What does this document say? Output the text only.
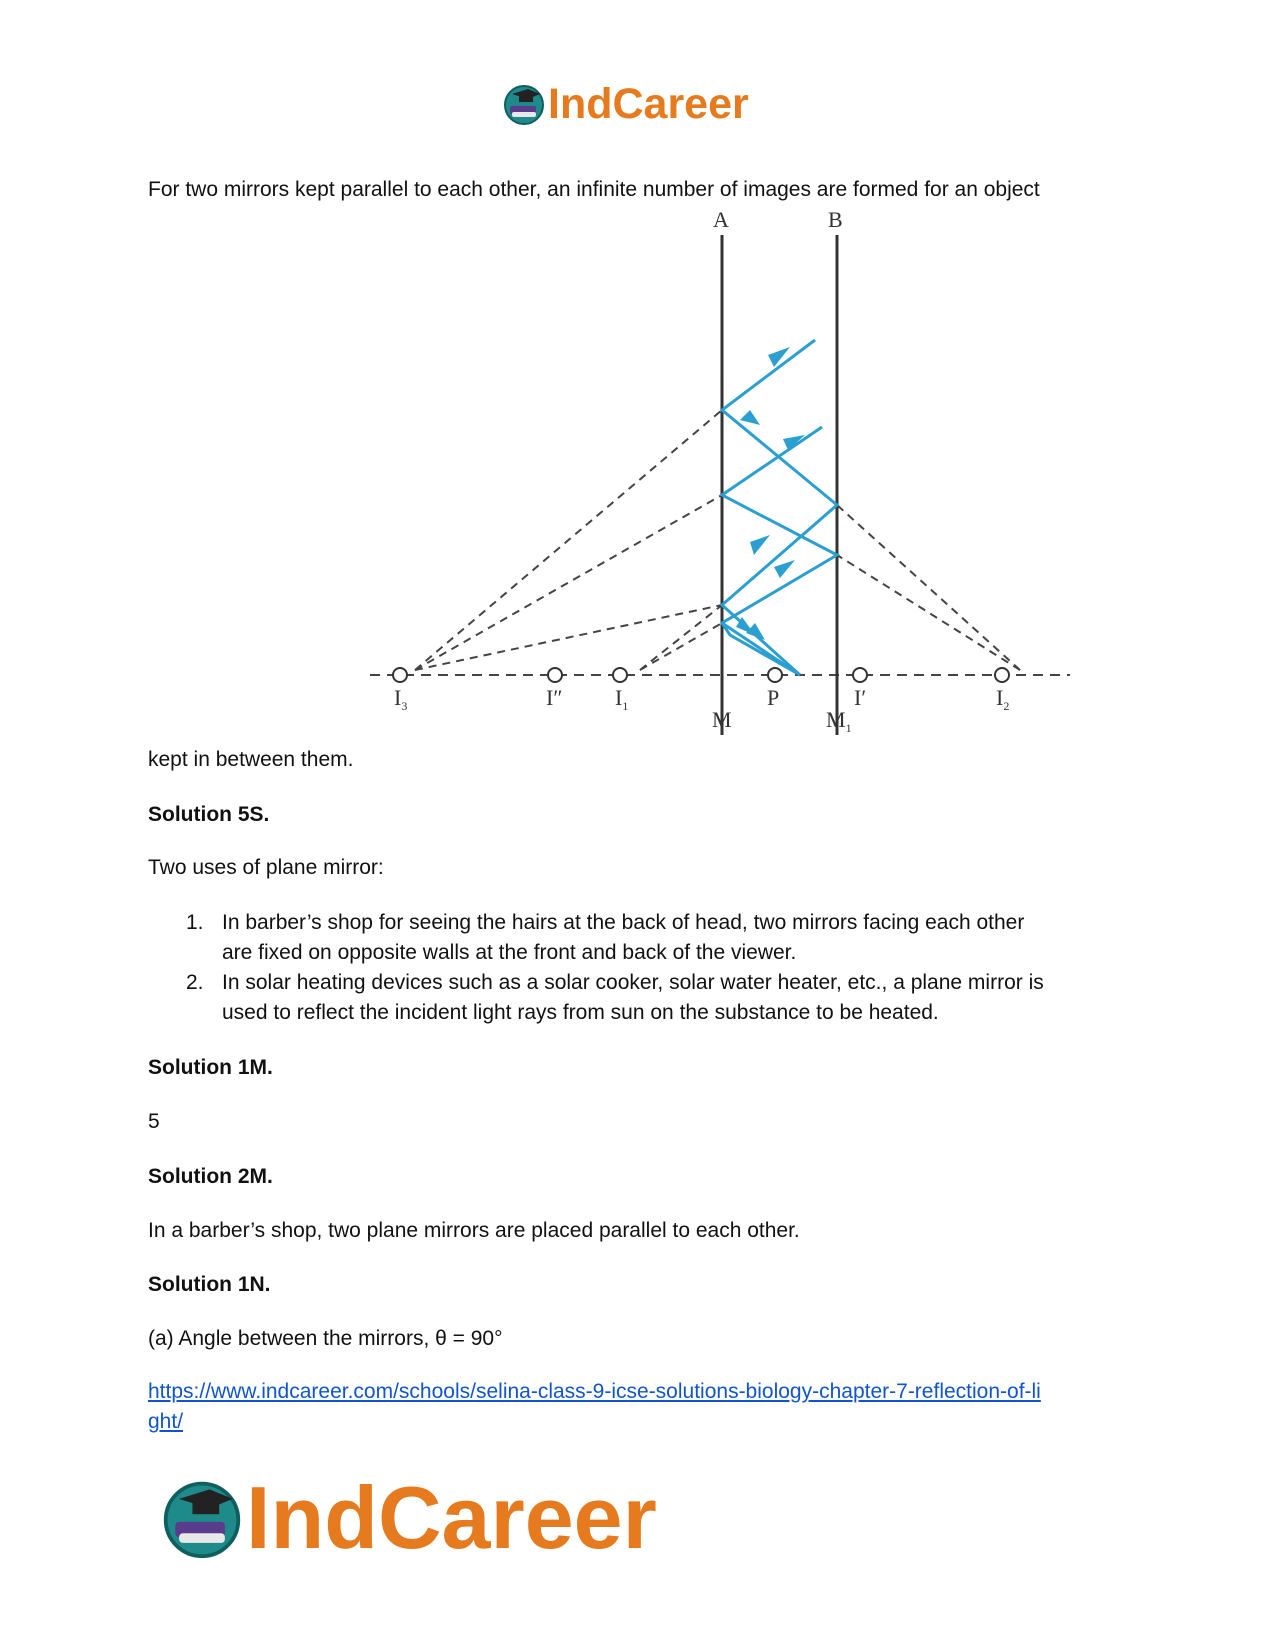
IndCareer
For two mirrors kept parallel to each other, an infinite number of images are formed for an object
A	B
M	$M_1$
$I_3$	I″ $I_1$	P	I′	$I_2$
kept in between them.
Solution 5S.
Two uses of plane mirror:
1. In barber’s shop for seeing the hairs at the back of head, two mirrors facing each other
are fixed on opposite walls at the front and back of the viewer.
2. In solar heating devices such as a solar cooker, solar water heater, etc., a plane mirror is
used to reflect the incident light rays from sun on the substance to be heated.
Solution 1M.
5
Solution 2M.
In a barber’s shop, two plane mirrors are placed parallel to each other.
Solution 1N.
(a) Angle between the mirrors, θ = 90°
https://www.indcareer.com/schools/selina-class-9-icse-solutions-biology-chapter-7-reflection-of-li
ght/
IndCareer
